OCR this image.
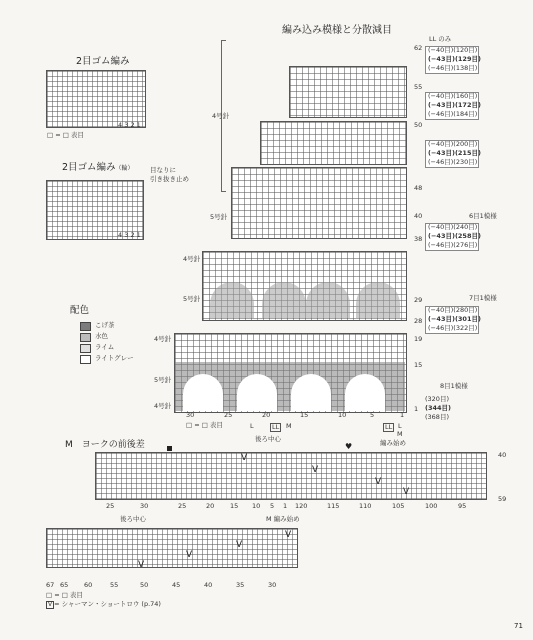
編み込み模様と分散減目
2目ゴム編み
4 3 2 1
□ = □ 表目
2目ゴム編み（輪）	目なりに
引き抜き止め
4 3 2 1
配色
こげ茶
水色
ライム
ライトグレー
4号針
5号針
4号針
5号針
4号針
5号針
4号針
LL のみ
62
55
50
48
40
38
29
28
19
15
1
(−40目)(120目)
(−43目)(129目)
(−46目)(138目)
(−40目)(160目)
(−43目)(172目)
(−46目)(184目)
(−40目)(200目)
(−43目)(215目)
(−46目)(230目)
6目1模様
(−40目)(240目)
(−43目)(258目)
(−46目)(276目)
7目1模様
(−40目)(280目)
(−43目)(301目)
(−46目)(322目)
8目1模様
(320目)
(344目)
(368目)
30	25	20	15	10	5	1
L	LL	M	LL L
M
後ろ中心	編み始め
□ = □ 表目
M　ヨークの前後差	♥
40
59
V
V
V
V
25	30	25	20 15 10 5 1 120	115	110	105	100	95
後ろ中心	M 編み始め
V
V
V
V
67 65 60	55	50	45	40	35	30
□ = □ 表目
V = シャーマン・ショートロウ (p.74)
71
